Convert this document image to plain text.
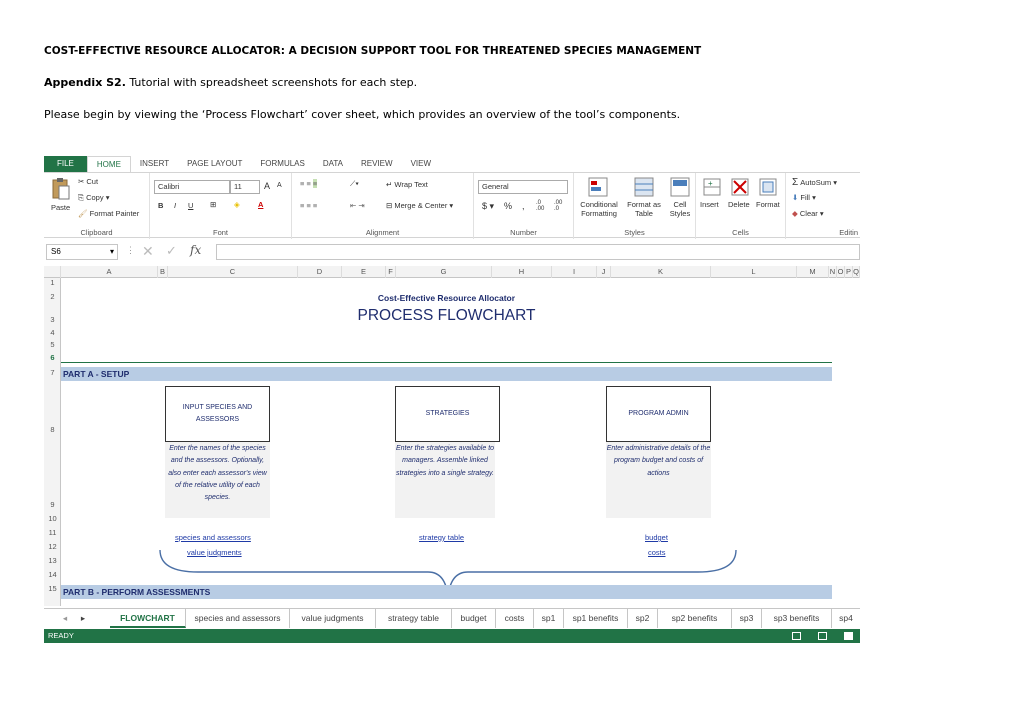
COST-EFFECTIVE RESOURCE ALLOCATOR: A DECISION SUPPORT TOOL FOR THREATENED SPECIES MANAGEMENT
Appendix S2. Tutorial with spreadsheet screenshots for each step.
Please begin by viewing the ‘Process Flowchart’ cover sheet, which provides an overview of the tool’s components.
FILE	HOME	INSERT	PAGE LAYOUT	FORMULAS	DATA	REVIEW	VIEW
Paste
✂ Cut
⎘ Copy ▾
🖌 Format Painter
Clipboard
Calibri	11	A A
B I U ⊞ ◈ A
Font
≡ ≡ ≡	⟋▾	↵ Wrap Text
≡ ≡ ≡	⇤ ⇥	⊟ Merge & Center ▾
Alignment
General
$ ▾ % , .0
.00
.00
.0
Number
Conditional
Formatting
Format as
Table
Cell
Styles
Styles
+
Insert Delete Format
Cells
Σ AutoSum ▾
⬇ Fill ▾
◆ Clear ▾
Editin
S6	▾ ⋮ ✕ ✓ fx
A	B	C	D	E	F	G	H	I	J	K	L	M	N O P Q
1
2
3
4
5
6
7
8
9
10
11
12
13
14
15
Cost-Effective Resource Allocator
PROCESS FLOWCHART
PART A - SETUP
INPUT SPECIES AND ASSESSORS
Enter the names of the species and the assessors. Optionally, also enter each assessor's view of the relative utility of each species.
species and assessors
value judgments
STRATEGIES
Enter the strategies available to managers. Assemble linked strategies into a single strategy.
strategy table
PROGRAM ADMIN
Enter administrative details of the program budget and costs of actions
budget
costs
PART B - PERFORM ASSESSMENTS
◂	▸	FLOWCHART	species and assessors	value judgments	strategy table	budget	costs	sp1	sp1 benefits	sp2	sp2 benefits	sp3	sp3 benefits	sp4
READY
